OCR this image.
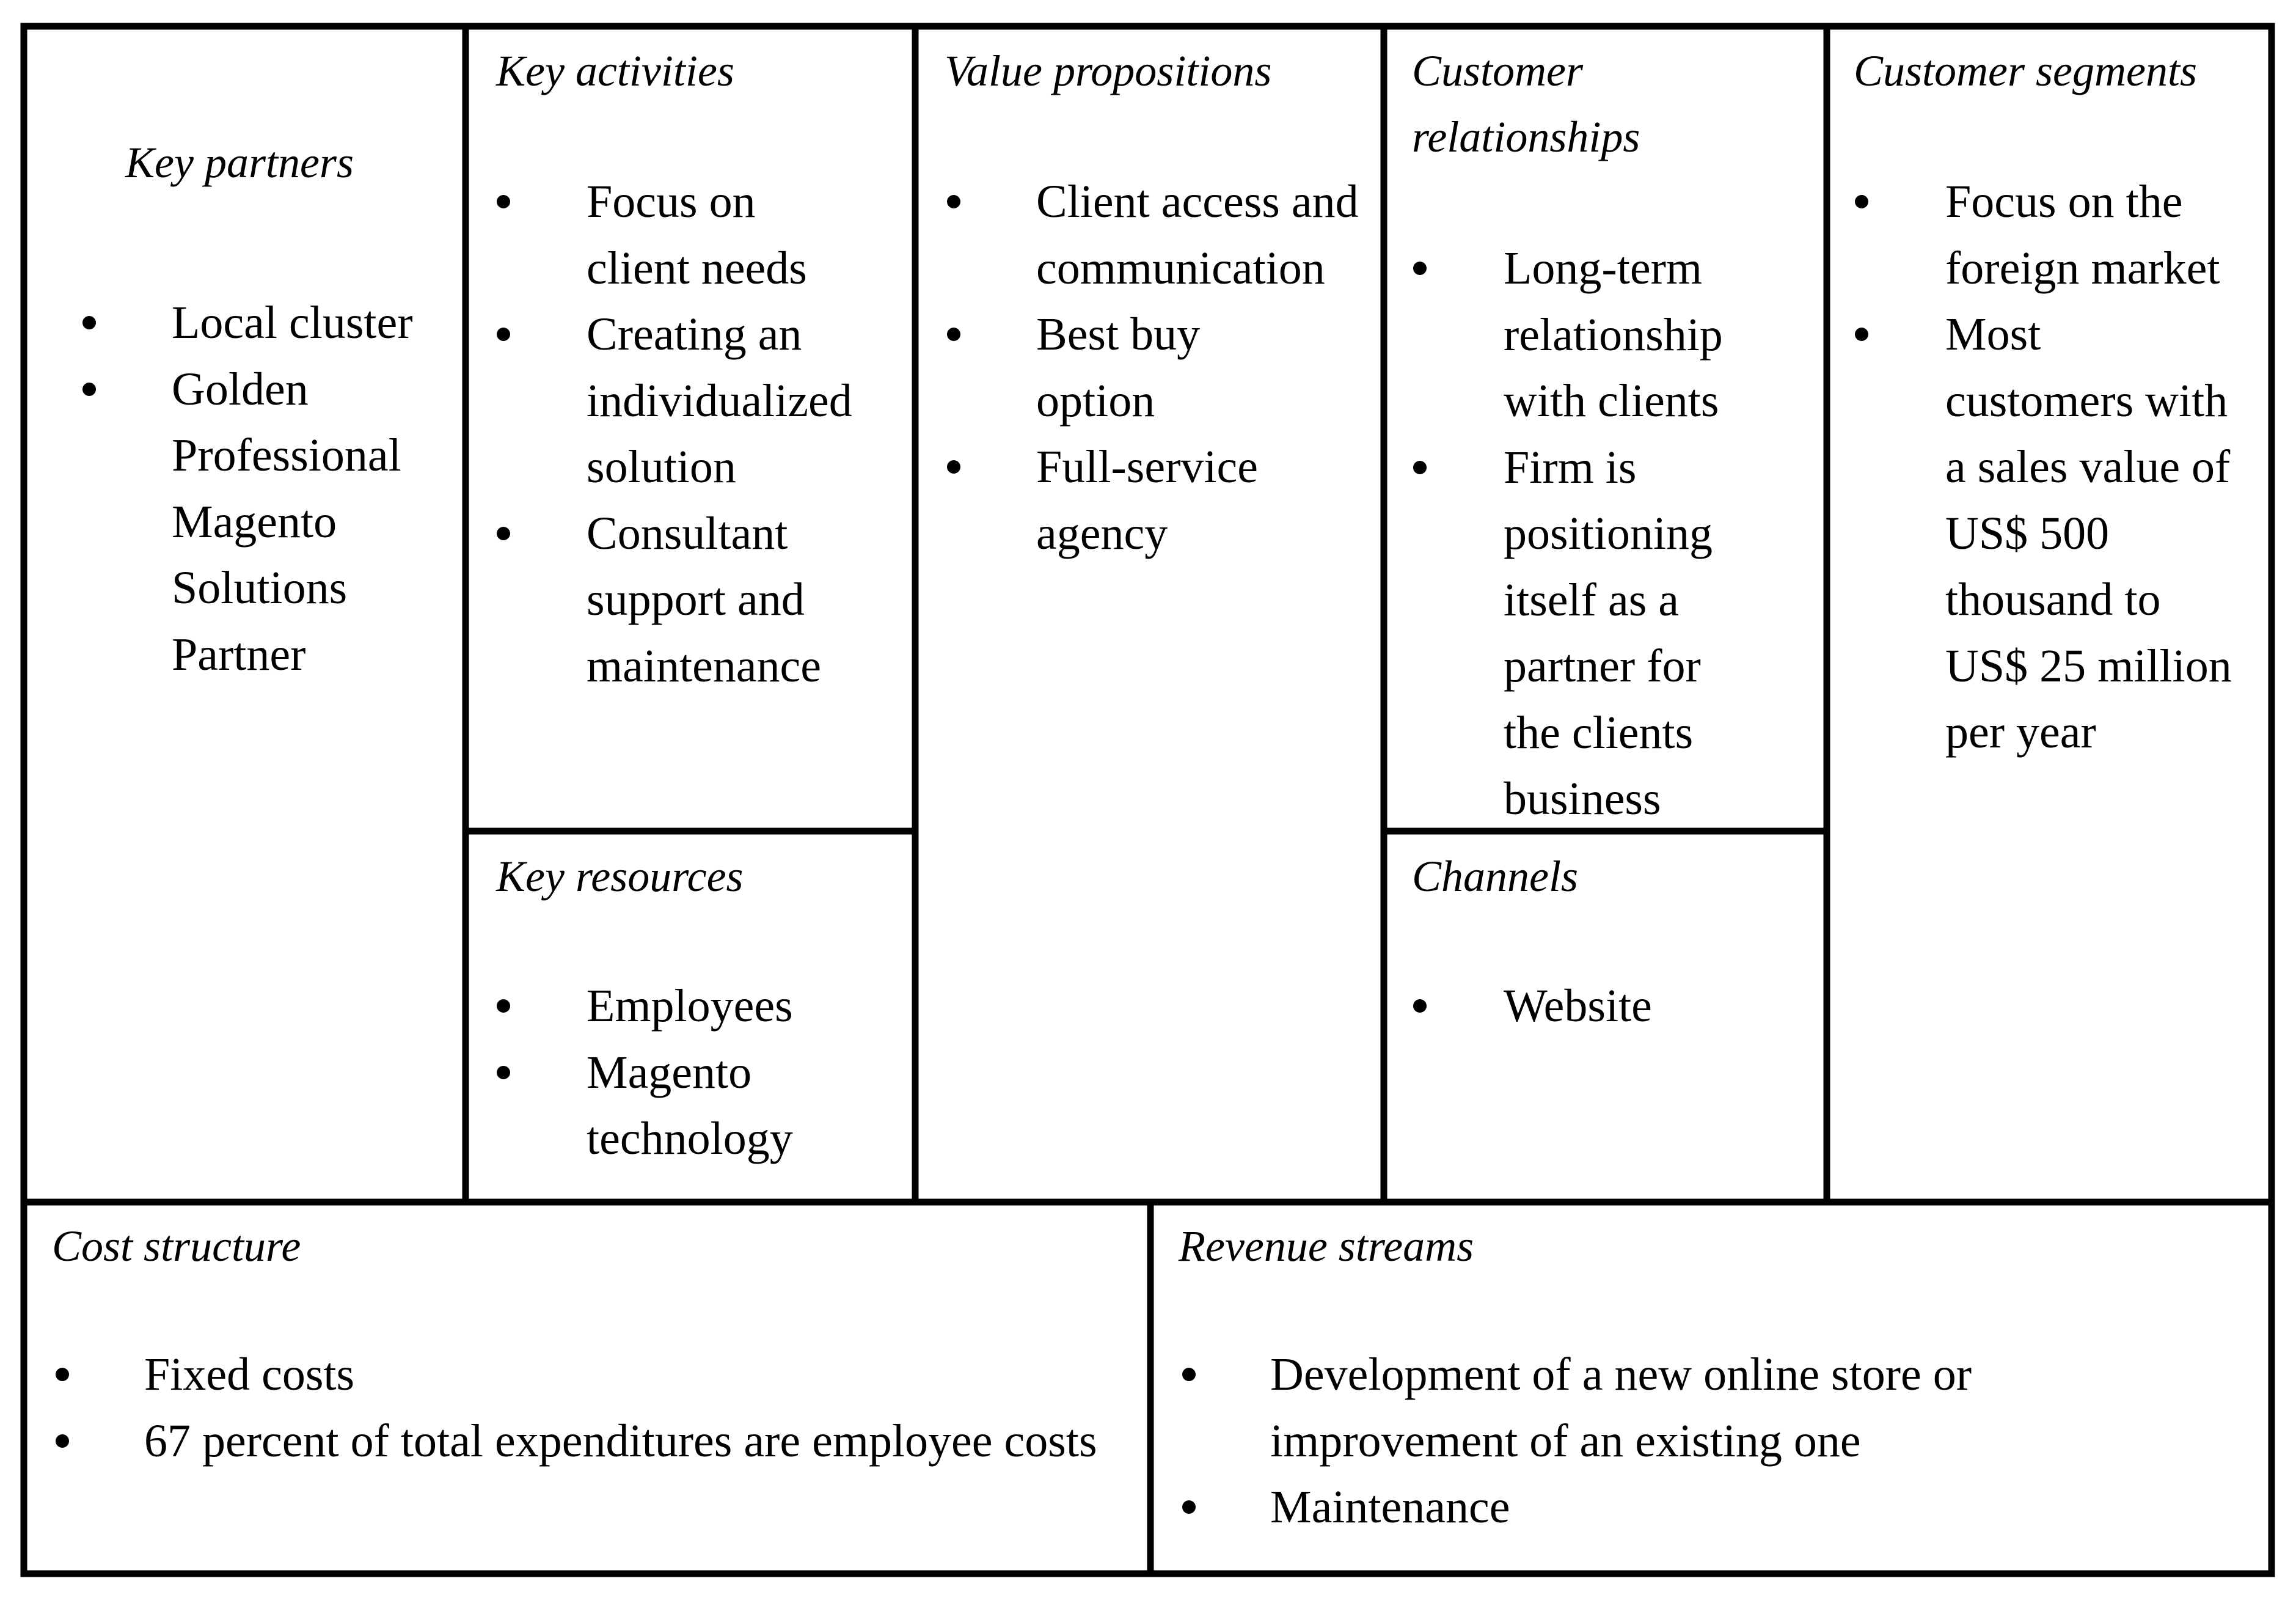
Key partners
Local cluster
Golden Professional Magento Solutions Partner
Key activities
Focus on client needs
Creating an individualized solution
Consultant support and maintenance
Key resources
Employees
Magento technology
Value propositions
Client access and communication
Best buy option
Full-service agency
Customer relationships
Long-term relationship with clients
Firm is positioning itself as a partner for the clients business
Channels
Website
Customer segments
Focus on the foreign market
Most customers with a sales value of US$ 500 thousand to US$ 25 million per year
Cost structure
Fixed costs
67 percent of total expenditures are employee costs
Revenue streams
Development of a new online store or improvement of an existing one
Maintenance
